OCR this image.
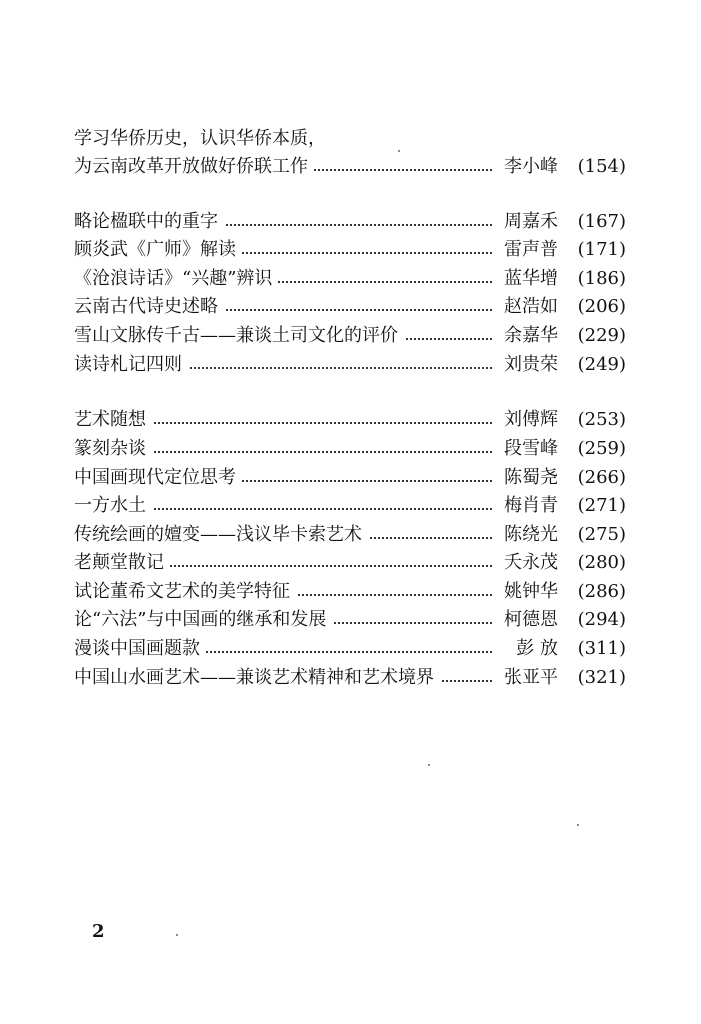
学习华侨历史，认识华侨本质，
为云南改革开放做好侨联工作	李小峰	(154)
略论楹联中的重字	周嘉禾	(167)
顾炎武《广师》解读	雷声普	(171)
《沧浪诗话》“兴趣”辨识	蓝华增	(186)
云南古代诗史述略	赵浩如	(206)
雪山文脉传千古——兼谈土司文化的评价	余嘉华	(229)
读诗札记四则	刘贵荣	(249)
艺术随想	刘傅辉	(253)
篆刻杂谈	段雪峰	(259)
中国画现代定位思考	陈蜀尧	(266)
一方水土	梅肖青	(271)
传统绘画的嬗变——浅议毕卡索艺术	陈绕光	(275)
老颠堂散记	夭永茂	(280)
试论董希文艺术的美学特征	姚钟华	(286)
论“六法”与中国画的继承和发展	柯德恩	(294)
漫谈中国画题款	彭 放	(311)
中国山水画艺术——兼谈艺术精神和艺术境界	张亚平	(321)
2
